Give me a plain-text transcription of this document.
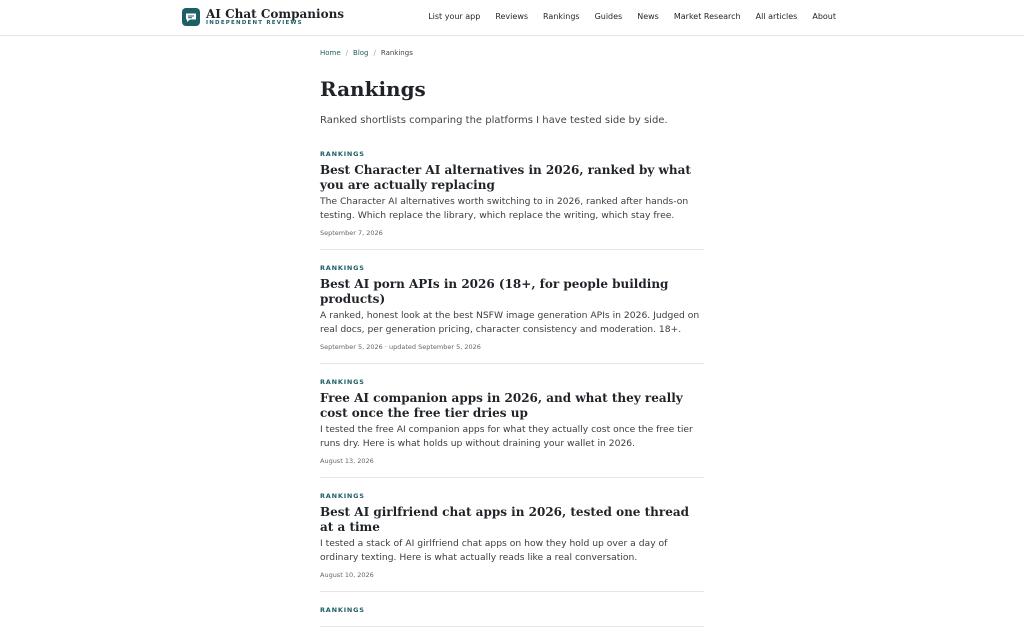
AI Chat Companions
INDEPENDENT REVIEWS
List your app Reviews Rankings Guides News Market Research All articles About
Home / Blog / Rankings
Rankings

Ranked shortlists comparing the platforms I have tested side by side.

RANKINGS
Best Character AI alternatives in 2026, ranked by what you are actually replacing

The Character AI alternatives worth switching to in 2026, ranked after hands-on testing. Which replace the library, which replace the writing, which stay free.

September 7, 2026
RANKINGS
Best AI porn APIs in 2026 (18+, for people building products)

A ranked, honest look at the best NSFW image generation APIs in 2026. Judged on real docs, per generation pricing, character consistency and moderation. 18+.

September 5, 2026 · updated September 5, 2026
RANKINGS
Free AI companion apps in 2026, and what they really cost once the free tier dries up

I tested the free AI companion apps for what they actually cost once the free tier runs dry. Here is what holds up without draining your wallet in 2026.

August 13, 2026
RANKINGS
Best AI girlfriend chat apps in 2026, tested one thread at a time

I tested a stack of AI girlfriend chat apps on how they hold up over a day of ordinary texting. Here is what actually reads like a real conversation.

August 10, 2026
RANKINGS
